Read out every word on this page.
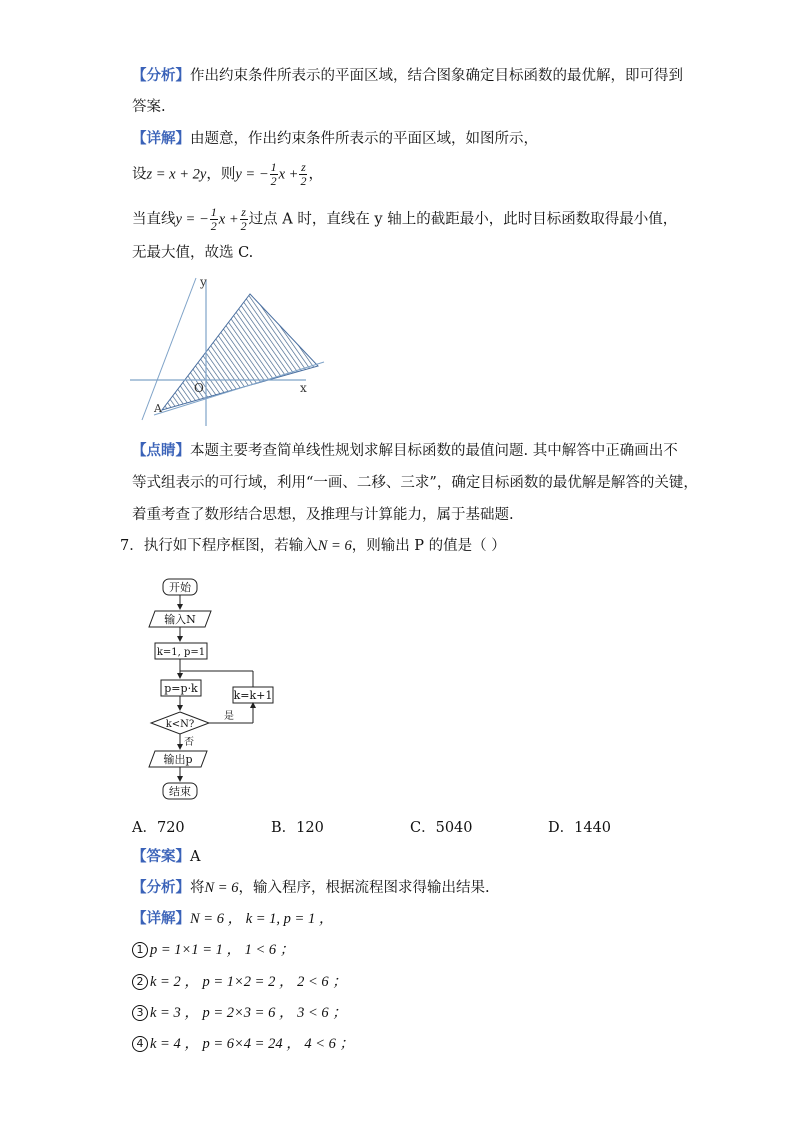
【分析】作出约束条件所表示的平面区域，结合图象确定目标函数的最优解，即可得到
答案.
【详解】由题意，作出约束条件所表示的平面区域，如图所示，
设z = x + 2y，则y = − $\frac{1}{2}$ $x + \frac{z}{2}$ ，
当直线y = − $\frac{1}{2}$ $x + \frac{z}{2}$ 过点 A 时，直线在 y 轴上的截距最小，此时目标函数取得最小值，
无最大值，故选 C.
y
x
O
A
【点睛】本题主要考查简单线性规划求解目标函数的最值问题. 其中解答中正确画出不
等式组表示的可行域，利用“一画、二移、三求”，确定目标函数的最优解是解答的关键，
着重考查了数形结合思想，及推理与计算能力，属于基础题.
7．执行如下程序框图，若输入N = 6，则输出 P 的值是（ ）
开始
输入N
k=1, p=1
p=p·k
k=k+1
k<N?
是
否
输出p
结束
A．720	B．120	C．5040	D．1440
【答案】A
【分析】将N = 6，输入程序，根据流程图求得输出结果.
【详解】N = 6 ， k = 1, p = 1 ，
1 p = 1×1 = 1 ， 1 < 6 ；
2 k = 2 ， p = 1×2 = 2 ， 2 < 6 ；
3 k = 3 ， p = 2×3 = 6 ， 3 < 6 ；
4 k = 4 ， p = 6×4 = 24 ， 4 < 6 ；
